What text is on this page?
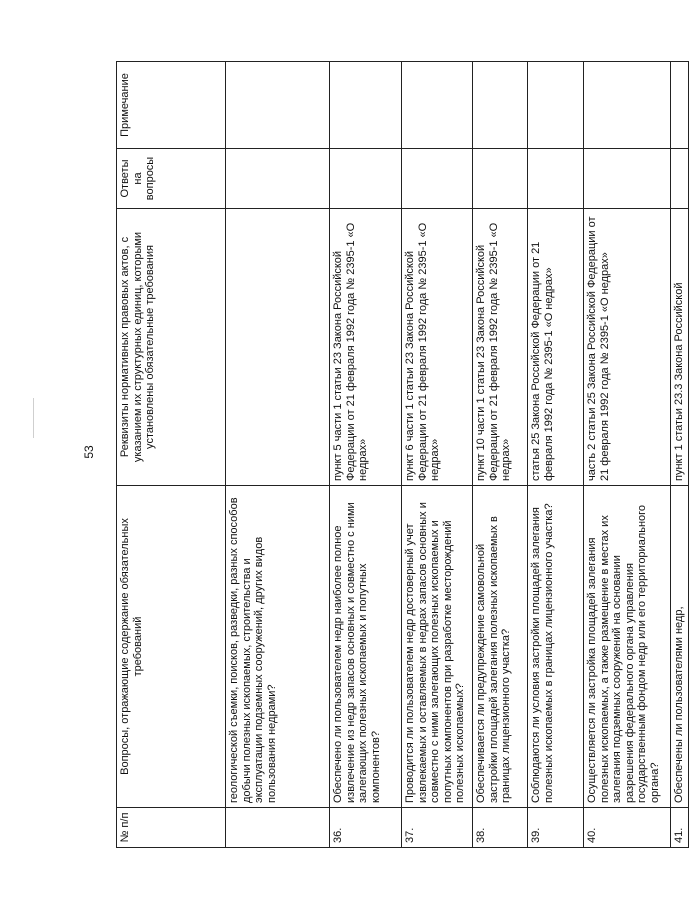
53
№ п/п	Вопросы, отражающие содержание обязательных требований	Реквизиты нормативных правовых актов, с указанием их структурных единиц, которыми установлены обязательные требования	Ответы на вопросы	Примечание
	геологической съемки, поисков, разведки, разных способов добычи полезных ископаемых, строительства и эксплуатации подземных сооружений, других видов пользования недрами?			
36.	Обеспечено ли пользователем недр наиболее полное извлечение из недр запасов основных и совместно с ними залегающих полезных ископаемых и попутных компонентов?	пункт 5 части 1 статьи 23 Закона Российской Федерации от 21 февраля 1992 года № 2395-1 «О недрах»		
37.	Проводится ли пользователем недр достоверный учет извлекаемых и оставляемых в недрах запасов основных и совместно с ними залегающих полезных ископаемых и попутных компонентов при разработке месторождений полезных ископаемых?	пункт 6 части 1 статьи 23 Закона Российской Федерации от 21 февраля 1992 года № 2395-1 «О недрах»		
38.	Обеспечивается ли предупреждение самовольной застройки площадей залегания полезных ископаемых в границах лицензионного участка?	пункт 10 части 1 статьи 23 Закона Российской Федерации от 21 февраля 1992 года № 2395-1 «О недрах»		
39.	Соблюдаются ли условия застройки площадей залегания полезных ископаемых в границах лицензионного участка?	статья 25 Закона Российской Федерации от 21 февраля 1992 года № 2395-1 «О недрах»		
40.	Осуществляется ли застройка площадей залегания полезных ископаемых, а также размещение в местах их залегания подземных сооружений на основании разрешения федерального органа управления государственным фондом недр или его территориального органа?	часть 2 статьи 25 Закона Российской Федерации от 21 февраля 1992 года № 2395-1 «О недрах»		
41.	Обеспечены ли пользователями недр,	пункт 1 статьи 23.3 Закона Российской		
